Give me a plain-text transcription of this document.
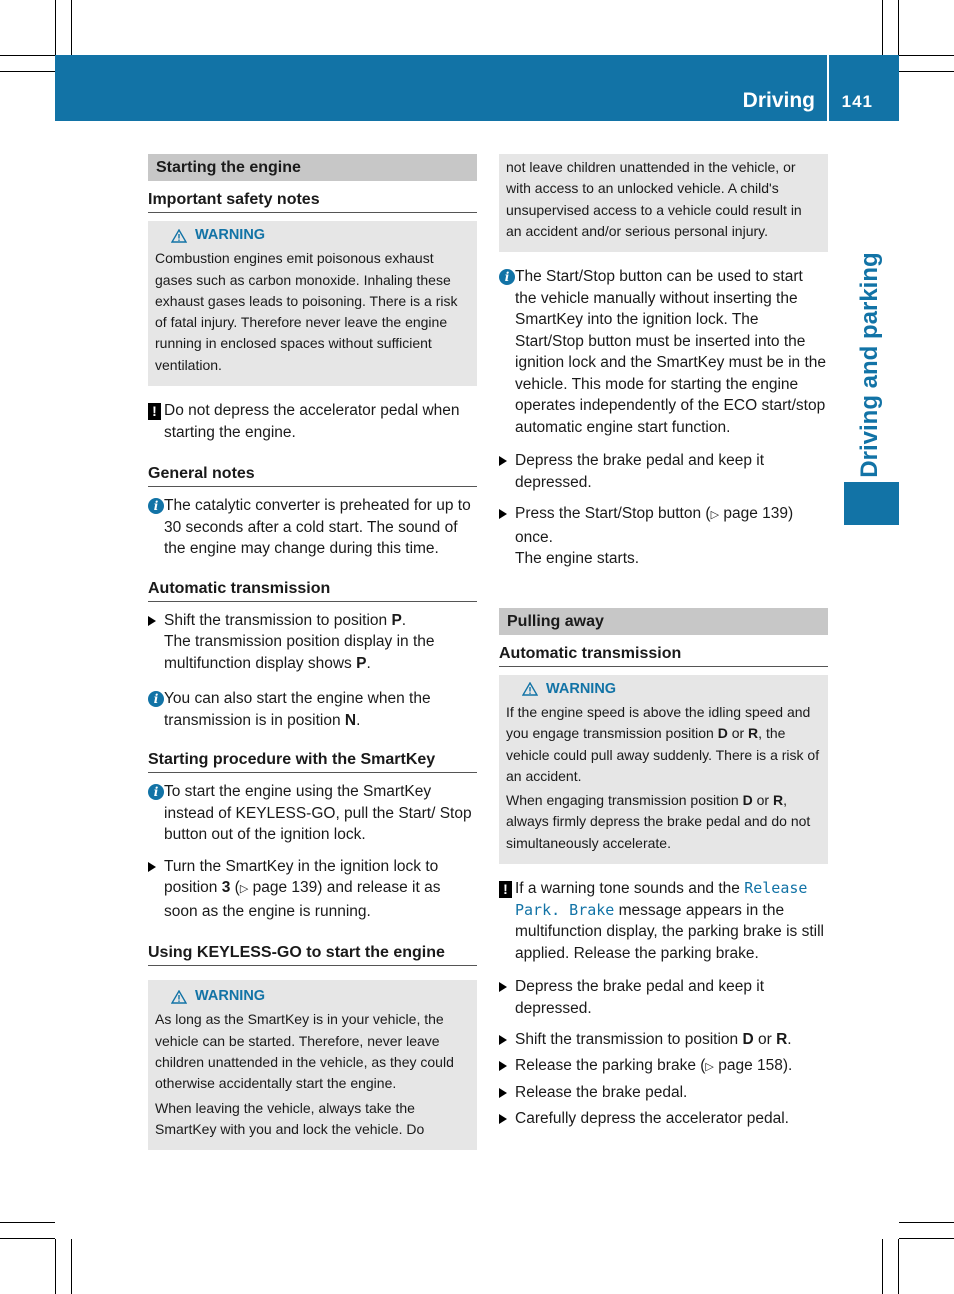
Driving 141
Driving and parking
Starting the engine
Important safety notes
WARNING

Combustion engines emit poisonous exhaust gases such as carbon monoxide. Inhaling these exhaust gases leads to poisoning. There is a risk of fatal injury. Therefore never leave the engine running in enclosed spaces without sufficient ventilation.

! Do not depress the accelerator pedal when starting the engine.
General notes
i The catalytic converter is preheated for up to 30 seconds after a cold start. The sound of the engine may change during this time.
Automatic transmission
Shift the transmission to position P.
The transmission position display in the multifunction display shows P.
i You can also start the engine when the transmission is in position N.
Starting procedure with the SmartKey
i To start the engine using the SmartKey instead of KEYLESS-GO, pull the Start/ Stop button out of the ignition lock.
Turn the SmartKey in the ignition lock to position 3 (▷ page 139) and release it as soon as the engine is running.
Using KEYLESS-GO to start the engine
WARNING

As long as the SmartKey is in your vehicle, the vehicle can be started. Therefore, never leave children unattended in the vehicle, as they could otherwise accidentally start the engine.

When leaving the vehicle, always take the SmartKey with you and lock the vehicle. Do

not leave children unattended in the vehicle, or with access to an unlocked vehicle. A child's unsupervised access to a vehicle could result in an accident and/or serious personal injury.

i The Start/Stop button can be used to start the vehicle manually without inserting the SmartKey into the ignition lock. The Start/Stop button must be inserted into the ignition lock and the SmartKey must be in the vehicle. This mode for starting the engine operates independently of the ECO start/stop automatic engine start function.
Depress the brake pedal and keep it depressed.
Press the Start/Stop button (▷ page 139) once.
The engine starts.
Pulling away
Automatic transmission
WARNING

If the engine speed is above the idling speed and you engage transmission position D or R, the vehicle could pull away suddenly. There is a risk of an accident.

When engaging transmission position D or R, always firmly depress the brake pedal and do not simultaneously accelerate.

! If a warning tone sounds and the Release Park. Brake message appears in the multifunction display, the parking brake is still applied. Release the parking brake.
Depress the brake pedal and keep it depressed.
Shift the transmission to position D or R.
Release the parking brake (▷ page 158).
Release the brake pedal.
Carefully depress the accelerator pedal.
